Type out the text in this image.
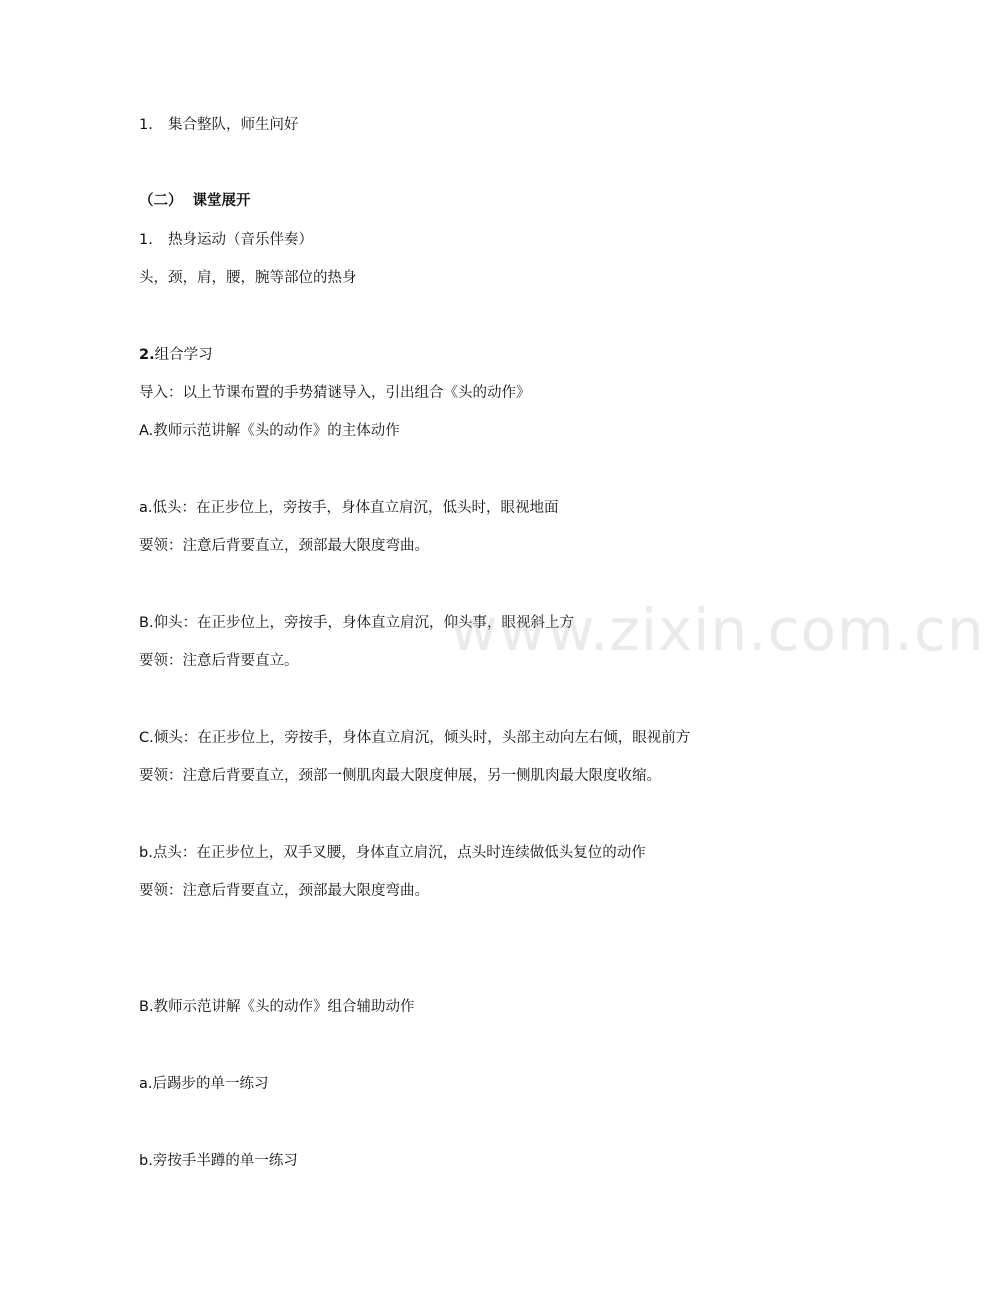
1. 集合整队，师生问好
（二） 课堂展开
1. 热身运动（音乐伴奏）
头，颈，肩，腰，腕等部位的热身
2.组合学习
导入：以上节课布置的手势猜谜导入，引出组合《头的动作》
A.教师示范讲解《头的动作》的主体动作
a.低头：在正步位上，旁按手，身体直立肩沉，低头时，眼视地面
要领：注意后背要直立，颈部最大限度弯曲。
B.仰头：在正步位上，旁按手，身体直立肩沉，仰头事，眼视斜上方
要领：注意后背要直立。
C.倾头：在正步位上，旁按手，身体直立肩沉，倾头时，头部主动向左右倾，眼视前方
要领：注意后背要直立，颈部一侧肌肉最大限度伸展，另一侧肌肉最大限度收缩。
b.点头：在正步位上，双手叉腰，身体直立肩沉，点头时连续做低头复位的动作
要领：注意后背要直立，颈部最大限度弯曲。
B.教师示范讲解《头的动作》组合辅助动作
a.后踢步的单一练习
b.旁按手半蹲的单一练习
www.zixin.com.cn
